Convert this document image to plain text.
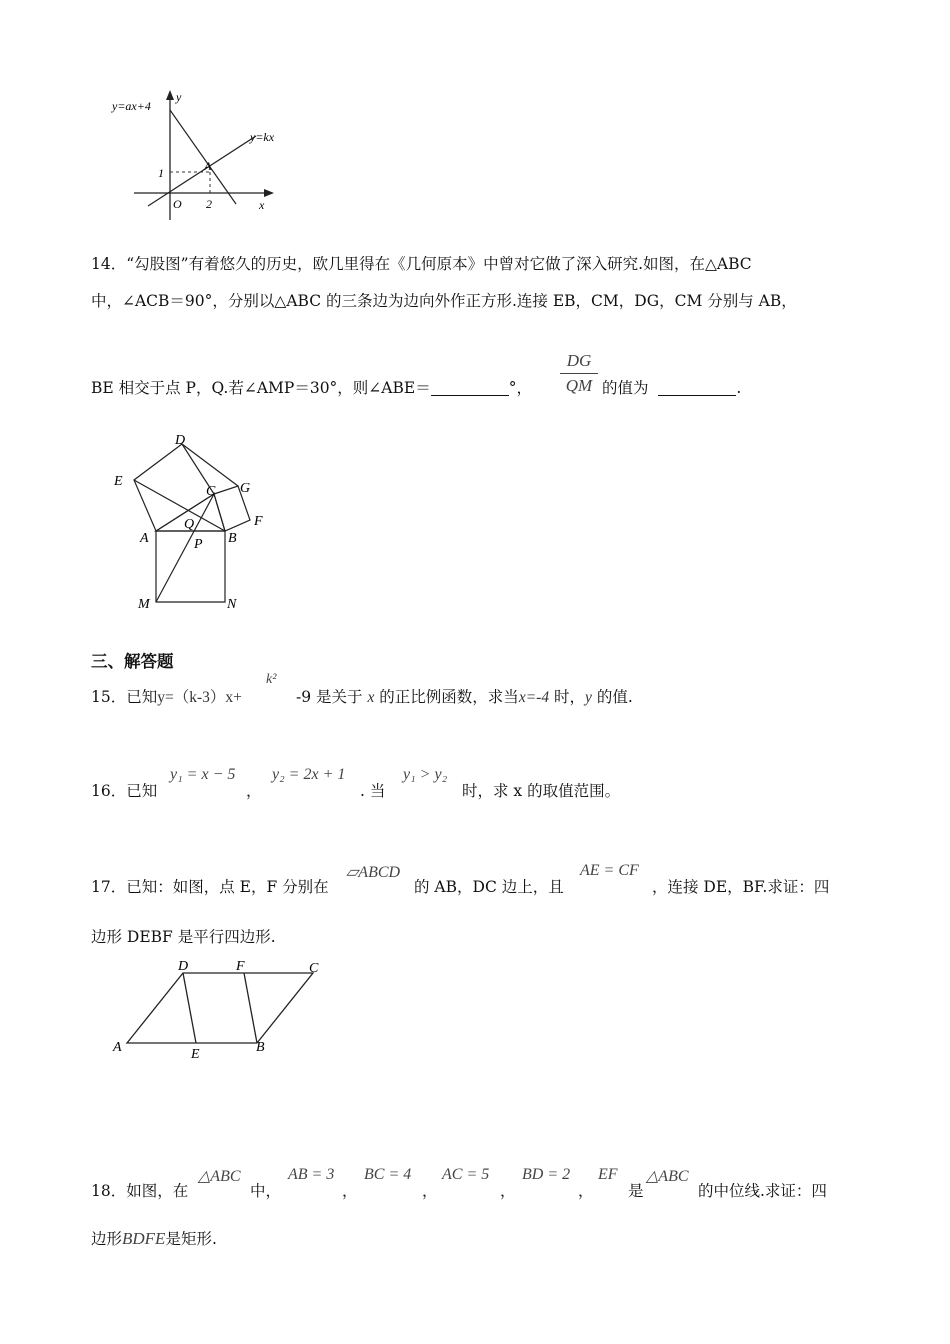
y=ax+4
y=kx
y
x
A
O
1
2
14．“勾股图”有着悠久的历史，欧几里得在《几何原本》中曾对它做了深入研究.如图，在△ABC
中，∠ACB＝90°，分别以△ABC 的三条边为边向外作正方形.连接 EB，CM，DG，CM 分别与 AB，
BE 相交于点 P，Q.若∠AMP＝30°，则∠ABE＝	°，
DG
QM 的值为	.
D
E
C G
F
A
Q
P B
M	N
三、解答题
15．已知y=（k-3）x+
k²
-9 是关于 x 的正比例函数，求当x=-4 时，y 的值.
16．已知
y₁ = x − 5
，
y₂ = 2x + 1
. 当
y₁ > y₂
时，求 x 的取值范围。
17．已知：如图，点 E，F 分别在
▱ABCD
的 AB，DC 边上，且
AE = CF
，连接 DE，BF.求证：四
边形 DEBF 是平行四边形.
D	F	C
A	E	B
18．如图，在
△ABC
中，
AB = 3
，
BC = 4
，
AC = 5
，
BD = 2
，
EF
是
△ABC
的中位线.求证：四
边形BDFE是矩形.
